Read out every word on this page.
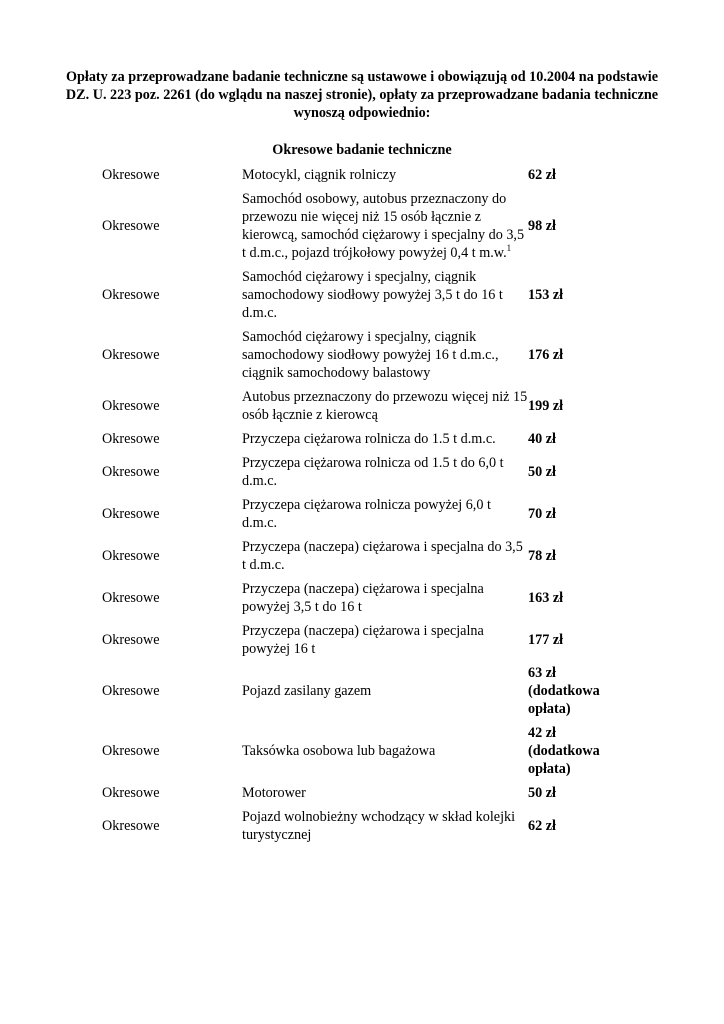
Opłaty za przeprowadzane badanie techniczne są ustawowe i obowiązują od 10.2004 na podstawie DZ. U. 223 poz. 2261 (do wglądu na naszej stronie), opłaty za przeprowadzane badania techniczne wynoszą odpowiednio:
Okresowe badanie techniczne
Okresowe	Motocykl, ciągnik rolniczy	62 zł
Okresowe	Samochód osobowy, autobus przeznaczony do przewozu nie więcej niż 15 osób łącznie z kierowcą, samochód ciężarowy i specjalny do 3,5 t d.m.c., pojazd trójkołowy powyżej 0,4 t m.w.$^1$	98 zł
Okresowe	Samochód ciężarowy i specjalny, ciągnik samochodowy siodłowy powyżej 3,5 t do 16 t d.m.c.	153 zł
Okresowe	Samochód ciężarowy i specjalny, ciągnik samochodowy siodłowy powyżej 16 t d.m.c., ciągnik samochodowy balastowy	176 zł
Okresowe	Autobus przeznaczony do przewozu więcej niż 15 osób łącznie z kierowcą	199 zł
Okresowe	Przyczepa ciężarowa rolnicza do 1.5 t d.m.c.	40 zł
Okresowe	Przyczepa ciężarowa rolnicza od 1.5 t do 6,0 t d.m.c.	50 zł
Okresowe	Przyczepa ciężarowa rolnicza powyżej 6,0 t d.m.c.	70 zł
Okresowe	Przyczepa (naczepa) ciężarowa i specjalna do 3,5 t d.m.c.	78 zł
Okresowe	Przyczepa (naczepa) ciężarowa i specjalna powyżej 3,5 t do 16 t	163 zł
Okresowe	Przyczepa (naczepa) ciężarowa i specjalna powyżej 16 t	177 zł
Okresowe	Pojazd zasilany gazem	63 zł (dodatkowa opłata)
Okresowe	Taksówka osobowa lub bagażowa	42 zł (dodatkowa opłata)
Okresowe	Motorower	50 zł
Okresowe	Pojazd wolnobieżny wchodzący w skład kolejki turystycznej	62 zł
